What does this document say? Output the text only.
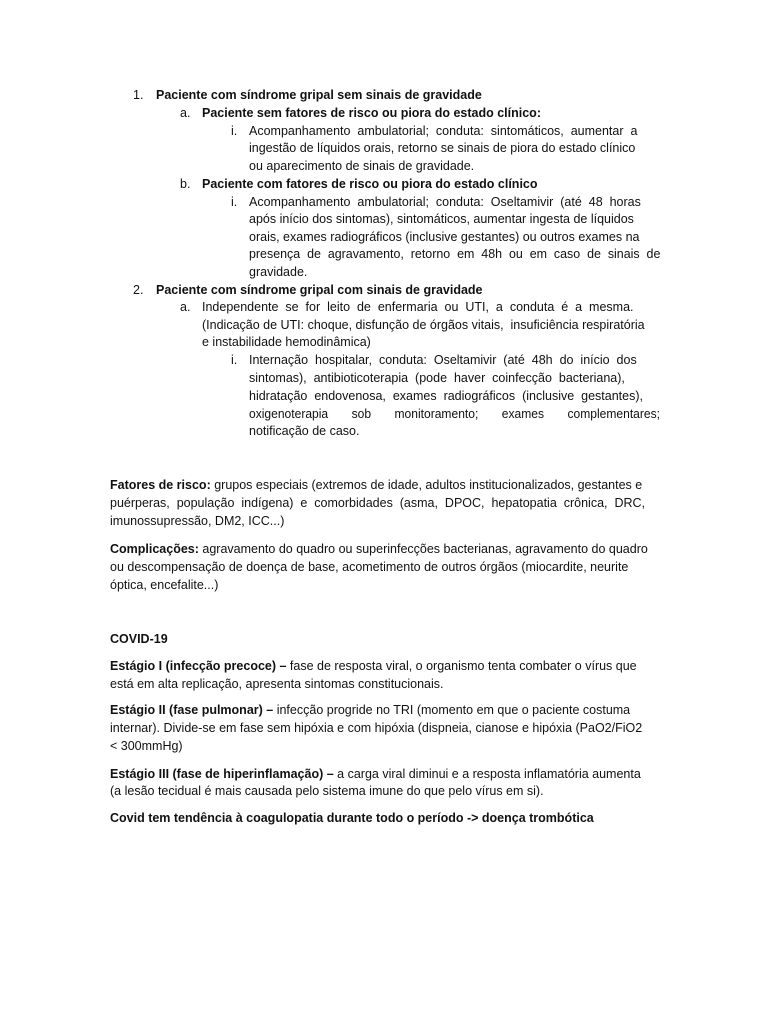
1. Paciente com síndrome gripal sem sinais de gravidade
a. Paciente sem fatores de risco ou piora do estado clínico:
i. Acompanhamento  ambulatorial;  conduta:  sintomáticos,  aumentar  a
ingestão de líquidos orais, retorno se sinais de piora do estado clínico
ou aparecimento de sinais de gravidade.
b. Paciente com fatores de risco ou piora do estado clínico
i. Acompanhamento  ambulatorial;  conduta:  Oseltamivir  (até  48  horas
após início dos sintomas), sintomáticos, aumentar ingesta de líquidos
orais, exames radiográficos (inclusive gestantes) ou outros exames na
presença  de  agravamento,  retorno  em  48h  ou  em  caso  de  sinais  de
gravidade.
2. Paciente com síndrome gripal com sinais de gravidade
a. Independente  se  for  leito  de  enfermaria  ou  UTI,  a  conduta  é  a  mesma.
(Indicação de UTI: choque, disfunção de órgãos vitais,  insuficiência respiratória
e instabilidade hemodinâmica)
i. Internação  hospitalar,  conduta:  Oseltamivir  (até  48h  do  início  dos
sintomas),  antibioticoterapia  (pode  haver  coinfecção  bacteriana),
hidratação  endovenosa,  exames  radiográficos  (inclusive  gestantes),
oxigenoterapia       sob       monitoramento;       exames       complementares;
notificação de caso.
Fatores de risco: grupos especiais (extremos de idade, adultos institucionalizados, gestantes e
puérperas,  população  indígena)  e  comorbidades  (asma,  DPOC,  hepatopatia  crônica,  DRC,
imunossupressão, DM2, ICC...)
Complicações: agravamento do quadro ou superinfecções bacterianas, agravamento do quadro
ou descompensação de doença de base, acometimento de outros órgãos (miocardite, neurite
óptica, encefalite...)
COVID-19
Estágio I (infecção precoce) – fase de resposta viral, o organismo tenta combater o vírus que
está em alta replicação, apresenta sintomas constitucionais.
Estágio II (fase pulmonar) – infecção progride no TRI (momento em que o paciente costuma
internar). Divide-se em fase sem hipóxia e com hipóxia (dispneia, cianose e hipóxia (PaO2/FiO2
< 300mmHg)
Estágio III (fase de hiperinflamação) – a carga viral diminui e a resposta inflamatória aumenta
(a lesão tecidual é mais causada pelo sistema imune do que pelo vírus em si).
Covid tem tendência à coagulopatia durante todo o período -> doença trombótica
